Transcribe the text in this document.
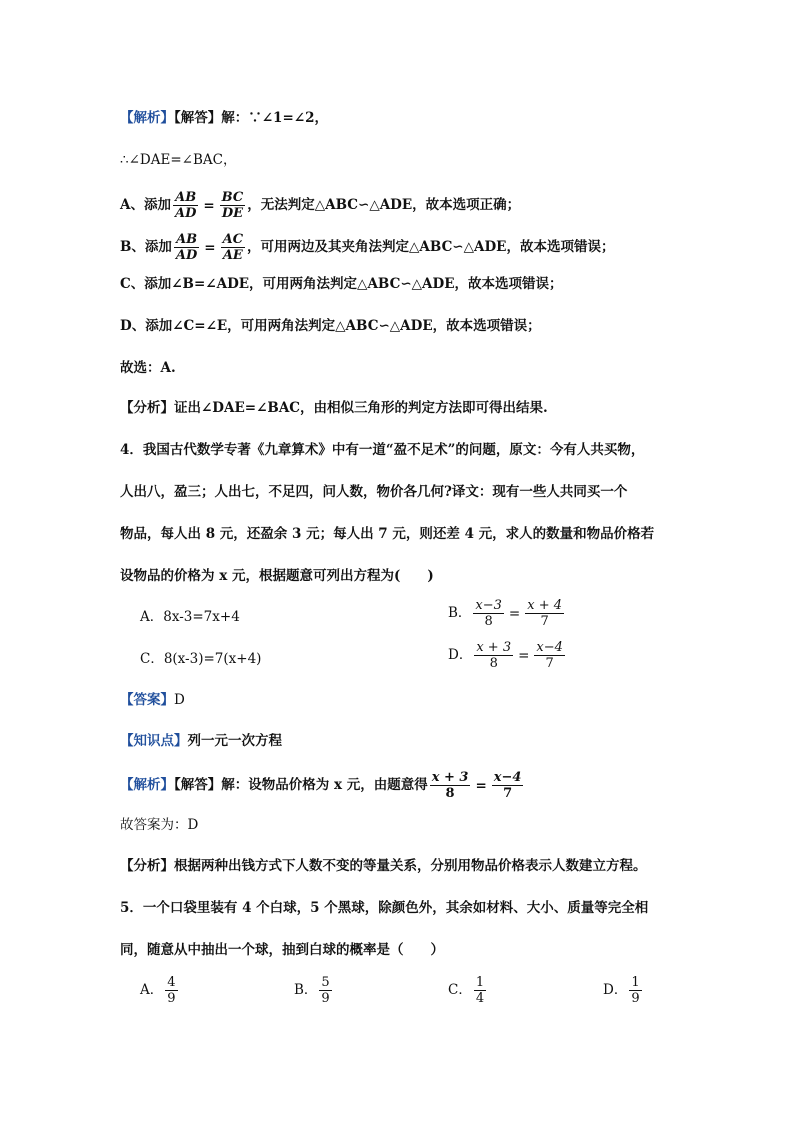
【解析】【解答】解：∵∠1=∠2，
∴∠DAE=∠BAC，
A、添加 $\frac{AB}{AD} = \frac{BC}{DE}$ ，无法判定△ABC∽△ADE，故本选项正确；
B、添加 $\frac{AB}{AD} = \frac{AC}{AE}$ ，可用两边及其夹角法判定△ABC∽△ADE，故本选项错误；
C、添加∠B=∠ADE，可用两角法判定△ABC∽△ADE，故本选项错误；
D、添加∠C=∠E，可用两角法判定△ABC∽△ADE，故本选项错误；
故选：A.
【分析】证出∠DAE=∠BAC，由相似三角形的判定方法即可得出结果.
4．我国古代数学专著《九章算术》中有一道“盈不足术”的问题，原文：今有人共买物，
人出八，盈三；人出七，不足四，问人数，物价各几何?译文：现有一些人共同买一个
物品，每人出 8 元，还盈余 3 元；每人出 7 元，则还差 4 元，求人的数量和物品价格若
设物品的价格为 x 元，根据题意可列出方程为(　　)
A．8x-3=7x+4	B． $\frac{x-3}{8} = \frac{x + 4}{7}$
C．8(x-3)=7(x+4)	D． $\frac{x + 3}{8} = \frac{x-4}{7}$
【答案】D
【知识点】列一元一次方程
【解析】【解答】解：设物品价格为 x 元，由题意得 $\frac{x + 3}{8} = \frac{x-4}{7}$
故答案为：D
【分析】根据两种出钱方式下人数不变的等量关系，分别用物品价格表示人数建立方程。
5．一个口袋里装有 4 个白球，5 个黑球，除颜色外，其余如材料、大小、质量等完全相
同，随意从中抽出一个球，抽到白球的概率是（　　）
A． $\frac{4}{9}$	B． $\frac{5}{9}$	C． $\frac{1}{4}$	D． $\frac{1}{9}$
